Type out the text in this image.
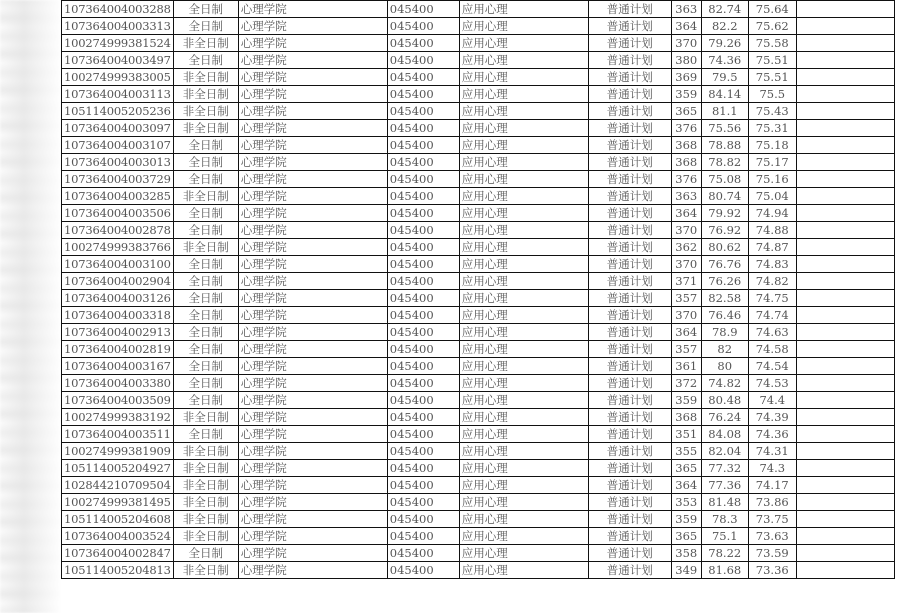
107364004003288	全日制	心理学院	045400	应用心理	普通计划	363	82.74	75.64	
107364004003313	全日制	心理学院	045400	应用心理	普通计划	364	82.2	75.62	
100274999381524	非全日制	心理学院	045400	应用心理	普通计划	370	79.26	75.58	
107364004003497	全日制	心理学院	045400	应用心理	普通计划	380	74.36	75.51	
100274999383005	非全日制	心理学院	045400	应用心理	普通计划	369	79.5	75.51	
107364004003113	非全日制	心理学院	045400	应用心理	普通计划	359	84.14	75.5	
105114005205236	非全日制	心理学院	045400	应用心理	普通计划	365	81.1	75.43	
107364004003097	非全日制	心理学院	045400	应用心理	普通计划	376	75.56	75.31	
107364004003107	全日制	心理学院	045400	应用心理	普通计划	368	78.88	75.18	
107364004003013	全日制	心理学院	045400	应用心理	普通计划	368	78.82	75.17	
107364004003729	全日制	心理学院	045400	应用心理	普通计划	376	75.08	75.16	
107364004003285	非全日制	心理学院	045400	应用心理	普通计划	363	80.74	75.04	
107364004003506	全日制	心理学院	045400	应用心理	普通计划	364	79.92	74.94	
107364004002878	全日制	心理学院	045400	应用心理	普通计划	370	76.92	74.88	
100274999383766	非全日制	心理学院	045400	应用心理	普通计划	362	80.62	74.87	
107364004003100	全日制	心理学院	045400	应用心理	普通计划	370	76.76	74.83	
107364004002904	全日制	心理学院	045400	应用心理	普通计划	371	76.26	74.82	
107364004003126	全日制	心理学院	045400	应用心理	普通计划	357	82.58	74.75	
107364004003318	全日制	心理学院	045400	应用心理	普通计划	370	76.46	74.74	
107364004002913	全日制	心理学院	045400	应用心理	普通计划	364	78.9	74.63	
107364004002819	全日制	心理学院	045400	应用心理	普通计划	357	82	74.58	
107364004003167	全日制	心理学院	045400	应用心理	普通计划	361	80	74.54	
107364004003380	全日制	心理学院	045400	应用心理	普通计划	372	74.82	74.53	
107364004003509	全日制	心理学院	045400	应用心理	普通计划	359	80.48	74.4	
100274999383192	非全日制	心理学院	045400	应用心理	普通计划	368	76.24	74.39	
107364004003511	全日制	心理学院	045400	应用心理	普通计划	351	84.08	74.36	
100274999381909	非全日制	心理学院	045400	应用心理	普通计划	355	82.04	74.31	
105114005204927	非全日制	心理学院	045400	应用心理	普通计划	365	77.32	74.3	
102844210709504	非全日制	心理学院	045400	应用心理	普通计划	364	77.36	74.17	
100274999381495	非全日制	心理学院	045400	应用心理	普通计划	353	81.48	73.86	
105114005204608	非全日制	心理学院	045400	应用心理	普通计划	359	78.3	73.75	
107364004003524	非全日制	心理学院	045400	应用心理	普通计划	365	75.1	73.63	
107364004002847	全日制	心理学院	045400	应用心理	普通计划	358	78.22	73.59	
105114005204813	非全日制	心理学院	045400	应用心理	普通计划	349	81.68	73.36	
